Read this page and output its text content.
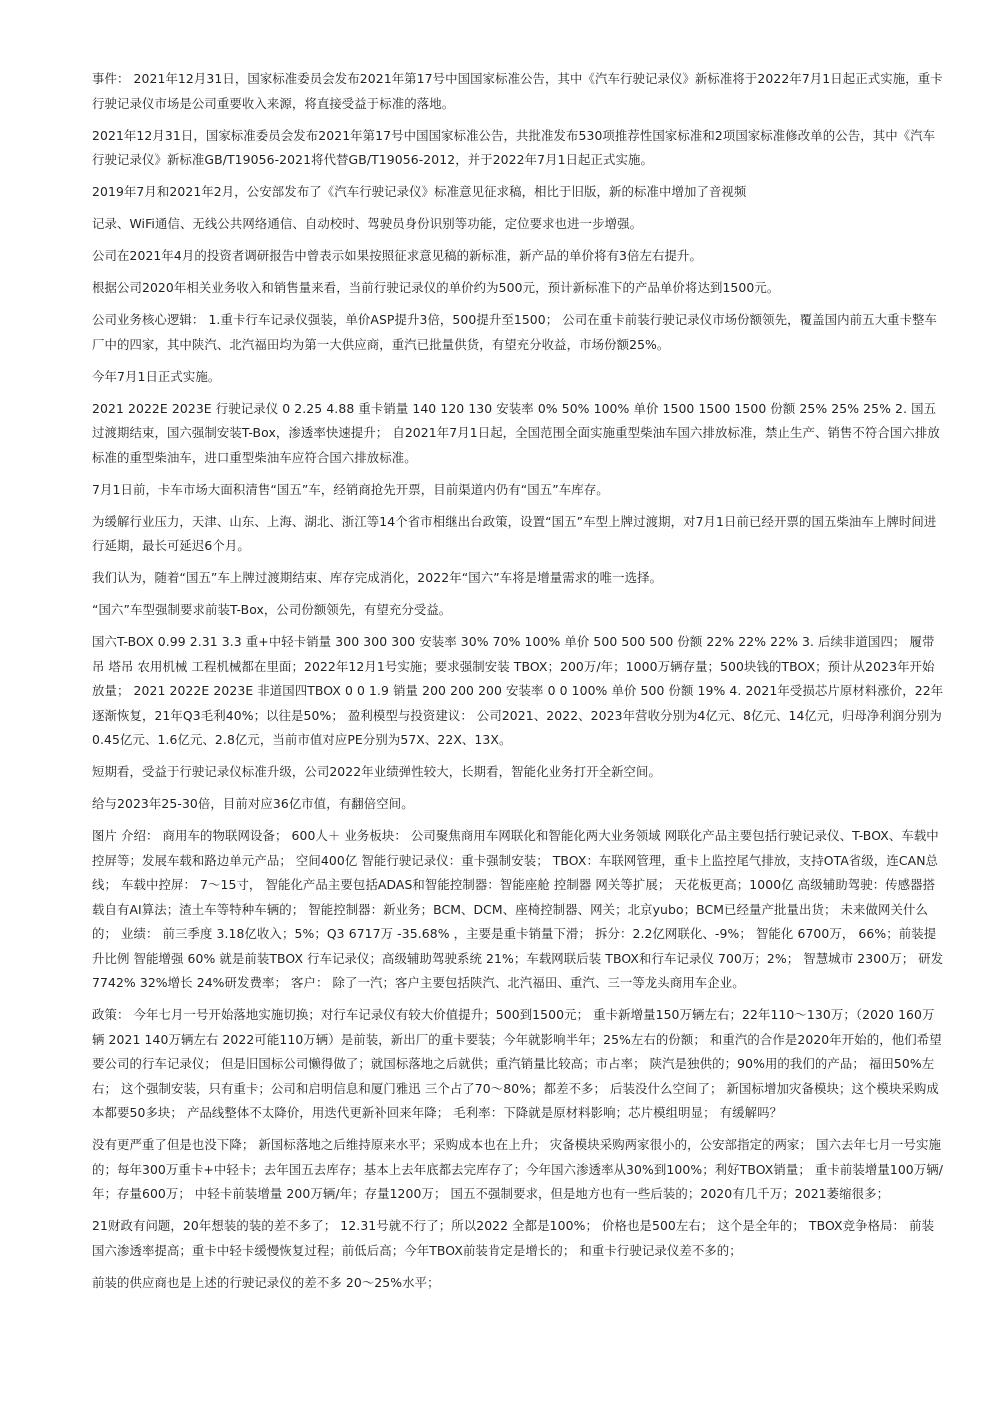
事件： 2021年12月31日，国家标准委员会发布2021年第17号中国国家标准公告，其中《汽车行驶记录仪》新标准将于2022年7月1日起正式实施，重卡行驶记录仪市场是公司重要收入来源，将直接受益于标准的落地。

2021年12月31日，国家标准委员会发布2021年第17号中国国家标准公告，共批准发布530项推荐性国家标准和2项国家标准修改单的公告，其中《汽车行驶记录仪》新标准GB/T19056-2021将代替GB/T19056-2012，并于2022年7月1日起正式实施。

2019年7月和2021年2月，公安部发布了《汽车行驶记录仪》标准意见征求稿，相比于旧版，新的标准中增加了音视频

记录、WiFi通信、无线公共网络通信、自动校时、驾驶员身份识别等功能，定位要求也进一步增强。

公司在2021年4月的投资者调研报告中曾表示如果按照征求意见稿的新标准，新产品的单价将有3倍左右提升。

根据公司2020年相关业务收入和销售量来看，当前行驶记录仪的单价约为500元，预计新标准下的产品单价将达到1500元。

公司业务核心逻辑： 1.重卡行车记录仪强装，单价ASP提升3倍，500提升至1500； 公司在重卡前装行驶记录仪市场份额领先，覆盖国内前五大重卡整车厂中的四家，其中陕汽、北汽福田均为第一大供应商，重汽已批量供货，有望充分收益，市场份额25%。

今年7月1日正式实施。

2021 2022E 2023E 行驶记录仪 0 2.25 4.88 重卡销量 140 120 130 安装率 0% 50% 100% 单价 1500 1500 1500 份额 25% 25% 25% 2. 国五过渡期结束，国六强制安装T-Box，渗透率快速提升； 自2021年7月1日起，全国范围全面实施重型柴油车国六排放标准，禁止生产、销售不符合国六排放标准的重型柴油车，进口重型柴油车应符合国六排放标准。

7月1日前，卡车市场大面积清售“国五”车，经销商抢先开票，目前渠道内仍有“国五”车库存。

为缓解行业压力，天津、山东、上海、湖北、浙江等14个省市相继出台政策，设置“国五”车型上牌过渡期，对7月1日前已经开票的国五柴油车上牌时间进行延期，最长可延迟6个月。

我们认为，随着“国五”车上牌过渡期结束、库存完成消化，2022年“国六”车将是增量需求的唯一选择。

“国六”车型强制要求前装T-Box，公司份额领先，有望充分受益。

国六T-BOX 0.99 2.31 3.3 重+中轻卡销量 300 300 300 安装率 30% 70% 100% 单价 500 500 500 份额 22% 22% 22% 3. 后续非道国四； 履带吊 塔吊 农用机械 工程机械都在里面；2022年12月1号实施；要求强制安装 TBOX；200万/年；1000万辆存量；500块钱的TBOX；预计从2023年开始放量； 2021 2022E 2023E 非道国四TBOX 0 0 1.9 销量 200 200 200 安装率 0 0 100% 单价 500 份额 19% 4. 2021年受损芯片原材料涨价，22年逐渐恢复，21年Q3毛利40%；以往是50%； 盈利模型与投资建议： 公司2021、2022、2023年营收分别为4亿元、8亿元、14亿元，归母净利润分别为0.45亿元、1.6亿元、2.8亿元，当前市值对应PE分别为57X、22X、13X。

短期看，受益于行驶记录仪标准升级，公司2022年业绩弹性较大，长期看，智能化业务打开全新空间。

给与2023年25-30倍，目前对应36亿市值，有翻倍空间。

图片 介绍： 商用车的物联网设备； 600人＋ 业务板块： 公司聚焦商用车网联化和智能化两大业务领域 网联化产品主要包括行驶记录仪、T-BOX、车载中控屏等；发展车载和路边单元产品； 空间400亿 智能行驶记录仪：重卡强制安装； TBOX：车联网管理，重卡上监控尾气排放，支持OTA省级，连CAN总线； 车载中控屏： 7～15寸， 智能化产品主要包括ADAS和智能控制器：智能座舱 控制器 网关等扩展； 天花板更高；1000亿 高级辅助驾驶：传感器搭载自有AI算法；渣土车等特种车辆的； 智能控制器：新业务；BCM、DCM、座椅控制器、网关；北京yubo；BCM已经量产批量出货； 未来做网关什么的； 业绩： 前三季度 3.18亿收入；5%；Q3 6717万 -35.68% ，主要是重卡销量下滑； 拆分：2.2亿网联化、-9%； 智能化 6700万， 66%；前装提升比例 智能增强 60% 就是前装TBOX 行车记录仪；高级辅助驾驶系统 21%；车载网联后装 TBOX和行车记录仪 700万；2%； 智慧城市 2300万； 研发 7742% 32%增长 24%研发费率； 客户： 除了一汽；客户主要包括陕汽、北汽福田、重汽、三一等龙头商用车企业。

政策： 今年七月一号开始落地实施切换；对行车记录仪有较大价值提升；500到1500元； 重卡新增量150万辆左右；22年110～130万；（2020 160万辆 2021 140万辆左右 2022可能110万辆）是前装，新出厂的重卡要装；今年就影响半年；25%左右的份额； 和重汽的合作是2020年开始的，他们希望要公司的行车记录仪； 但是旧国标公司懒得做了；就国标落地之后就供；重汽销量比较高；市占率； 陕汽是独供的；90%用的我们的产品； 福田50%左右； 这个强制安装，只有重卡；公司和启明信息和厦门雅迅 三个占了70～80%；都差不多； 后装没什么空间了； 新国标增加灾备模块；这个模块采购成本都要50多块； 产品线整体不太降价，用迭代更新补回来年降； 毛利率：下降就是原材料影响；芯片模组明显； 有缓解吗？

没有更严重了但是也没下降； 新国标落地之后维持原来水平；采购成本也在上升； 灾备模块采购两家很小的，公安部指定的两家； 国六去年七月一号实施的；每年300万重卡+中轻卡；去年国五去库存；基本上去年底都去完库存了；今年国六渗透率从30%到100%；利好TBOX销量； 重卡前装增量100万辆/年；存量600万； 中轻卡前装增量 200万辆/年；存量1200万； 国五不强制要求，但是地方也有一些后装的；2020有几千万；2021萎缩很多；

21财政有问题，20年想装的装的差不多了； 12.31号就不行了；所以2022 全都是100%； 价格也是500左右； 这个是全年的； TBOX竞争格局： 前装国六渗透率提高；重卡中轻卡缓慢恢复过程；前低后高；今年TBOX前装肯定是增长的； 和重卡行驶记录仪差不多的；

前装的供应商也是上述的行驶记录仪的差不多 20～25%水平；
